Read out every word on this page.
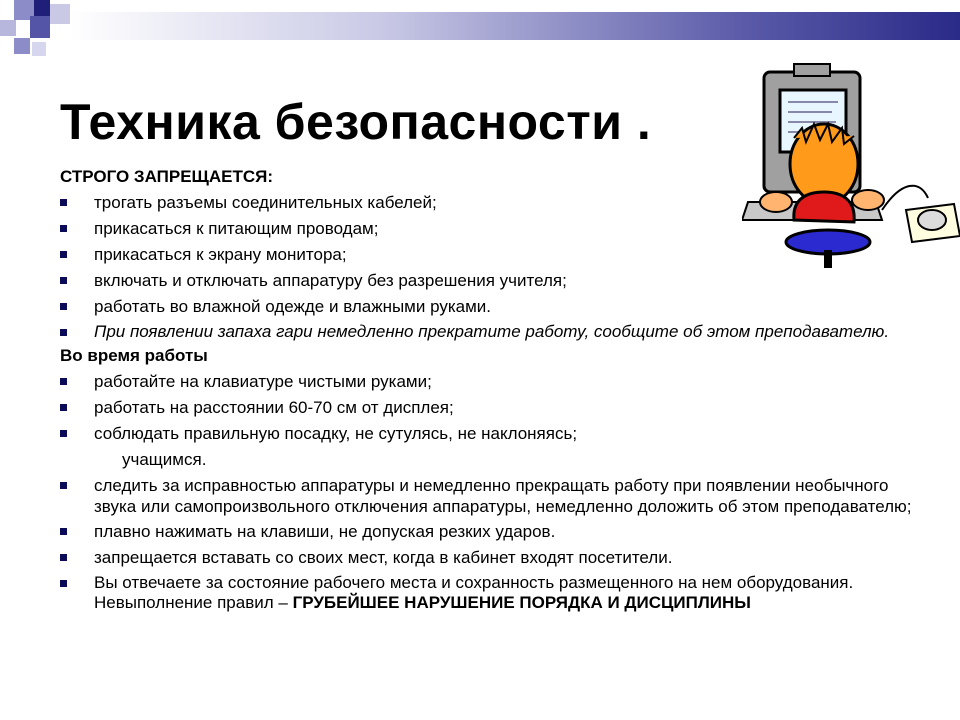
Техника безопасности .

СТРОГО ЗАПРЕЩАЕТСЯ:

трогать разъемы соединительных кабелей;

прикасаться к питающим проводам;

прикасаться к экрану монитора;

включать и отключать аппаратуру без разрешения учителя;

работать во влажной одежде и влажными руками.

При появлении запаха гари немедленно прекратите работу, сообщите об этом преподавателю.

Во время работы

работайте на клавиатуре чистыми руками;

работать на расстоянии 60-70 см от дисплея;

соблюдать правильную посадку, не сутулясь, не наклоняясь;

учащимся.

следить за исправностью аппаратуры и немедленно прекращать работу при появлении необычного звука или самопроизвольного отключения аппаратуры, немедленно доложить об этом преподавателю;

плавно нажимать на клавиши, не допуская резких ударов.

запрещается вставать со своих мест, когда в кабинет входят посетители.

Вы отвечаете за состояние рабочего места и сохранность размещенного на нем оборудования. Невыполнение правил – ГРУБЕЙШЕЕ НАРУШЕНИЕ ПОРЯДКА И ДИСЦИПЛИНЫ
